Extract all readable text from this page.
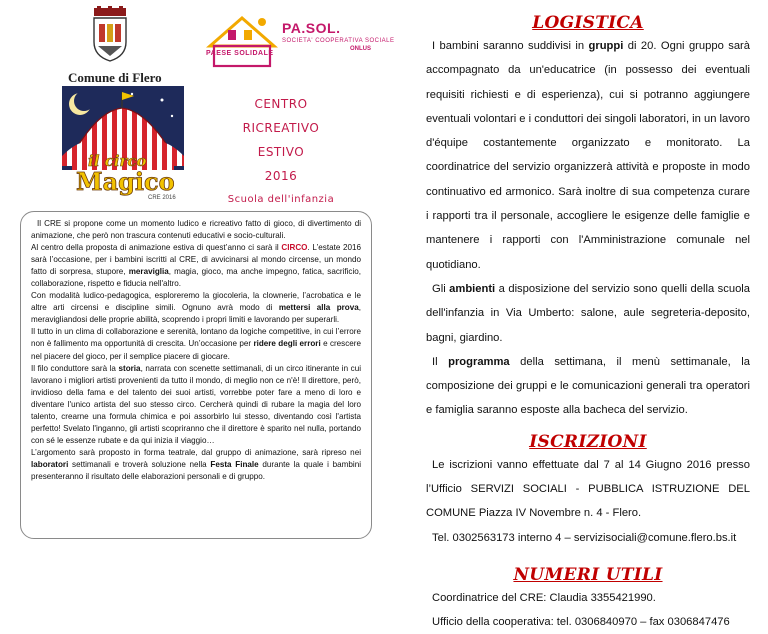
Comune di Flero
PA.SOL.
SOCIETA' COOPERATIVA SOCIALE
ONLUS
PAESE SOLIDALE
il circo
Magico
CRE 2016
CENTRO RICREATIVO
ESTIVO
2016
Scuola dell'infanzia

Il CRE si propone come un momento ludico e ricreativo fatto di gioco, di divertimento di animazione, che però non trascura contenuti educativi e socio-culturali.

Al centro della proposta di animazione estiva di quest’anno ci sarà il CIRCO. L’estate 2016 sarà l’occasione, per i bambini iscritti al CRE, di avvicinarsi al mondo circense, un mondo fatto di sorpresa, stupore, meraviglia, magia, gioco, ma anche impegno, fatica, sacrificio, collaborazione, rispetto e fiducia nell'altro.

Con modalità ludico-pedagogica, esploreremo la giocoleria, la clownerie, l’acrobatica e le altre arti circensi e discipline simili. Ognuno avrà modo di mettersi alla prova, meravigliandosi delle proprie abilità, scoprendo i propri limiti e lavorando per superarli.

Il tutto in un clima di collaborazione e serenità, lontano da logiche competitive, in cui l’errore non è fallimento ma opportunità di crescita. Un’occasione per ridere degli errori e crescere nel piacere del gioco, per il semplice piacere di giocare.

Il filo conduttore sarà la storia, narrata con scenette settimanali, di un circo itinerante in cui lavorano i migliori artisti provenienti da tutto il mondo, di meglio non ce n'è! Il direttore, però, invidioso della fama e del talento dei suoi artisti, vorrebbe poter fare a meno di loro e diventare l'unico artista del suo stesso circo. Cercherà quindi di rubare la magia del loro talento, crearne una formula chimica e poi assorbirlo lui stesso, diventando così l'artista perfetto! Svelato l'inganno, gli artisti scopriranno che il direttore è sparito nel nulla, portando con sé le essenze rubate e da qui inizia il viaggio…

L’argomento sarà proposto in forma teatrale, dal gruppo di animazione, sarà ripreso nei laboratori settimanali e troverà soluzione nella Festa Finale durante la quale i bambini presenteranno il risultato delle elaborazioni personali e di gruppo.

LOGISTICA

I bambini saranno suddivisi in gruppi di 20. Ogni gruppo sarà accompagnato da un'educatrice (in possesso dei eventuali requisiti richiesti e di esperienza), cui si potranno aggiungere eventuali volontari e i conduttori dei singoli laboratori, in un lavoro d'équipe costantemente organizzato e monitorato. La coordinatrice del servizio organizzerà attività e proposte in modo continuativo ed armonico. Sarà inoltre di sua competenza curare i rapporti tra il personale, accogliere le esigenze delle famiglie e mantenere i rapporti con l'Amministrazione comunale nel quotidiano.

Gli ambienti a disposizione del servizio sono quelli della scuola dell'infanzia in Via Umberto: salone, aule segreteria-deposito, bagni, giardino.

Il programma della settimana, il menù settimanale, la composizione dei gruppi e le comunicazioni generali tra operatori e famiglia saranno esposte alla bacheca del servizio.

ISCRIZIONI

Le iscrizioni vanno effettuate dal 7 al 14 Giugno 2016 presso l’Ufficio SERVIZI SOCIALI - PUBBLICA ISTRUZIONE DEL COMUNE Piazza IV Novembre n. 4 - Flero.

Tel. 0302563173 interno 4 – servizisociali@comune.flero.bs.it

NUMERI UTILI

Coordinatrice del CRE: Claudia 3355421990.

Ufficio della cooperativa: tel. 0306840970 – fax 0306847476
